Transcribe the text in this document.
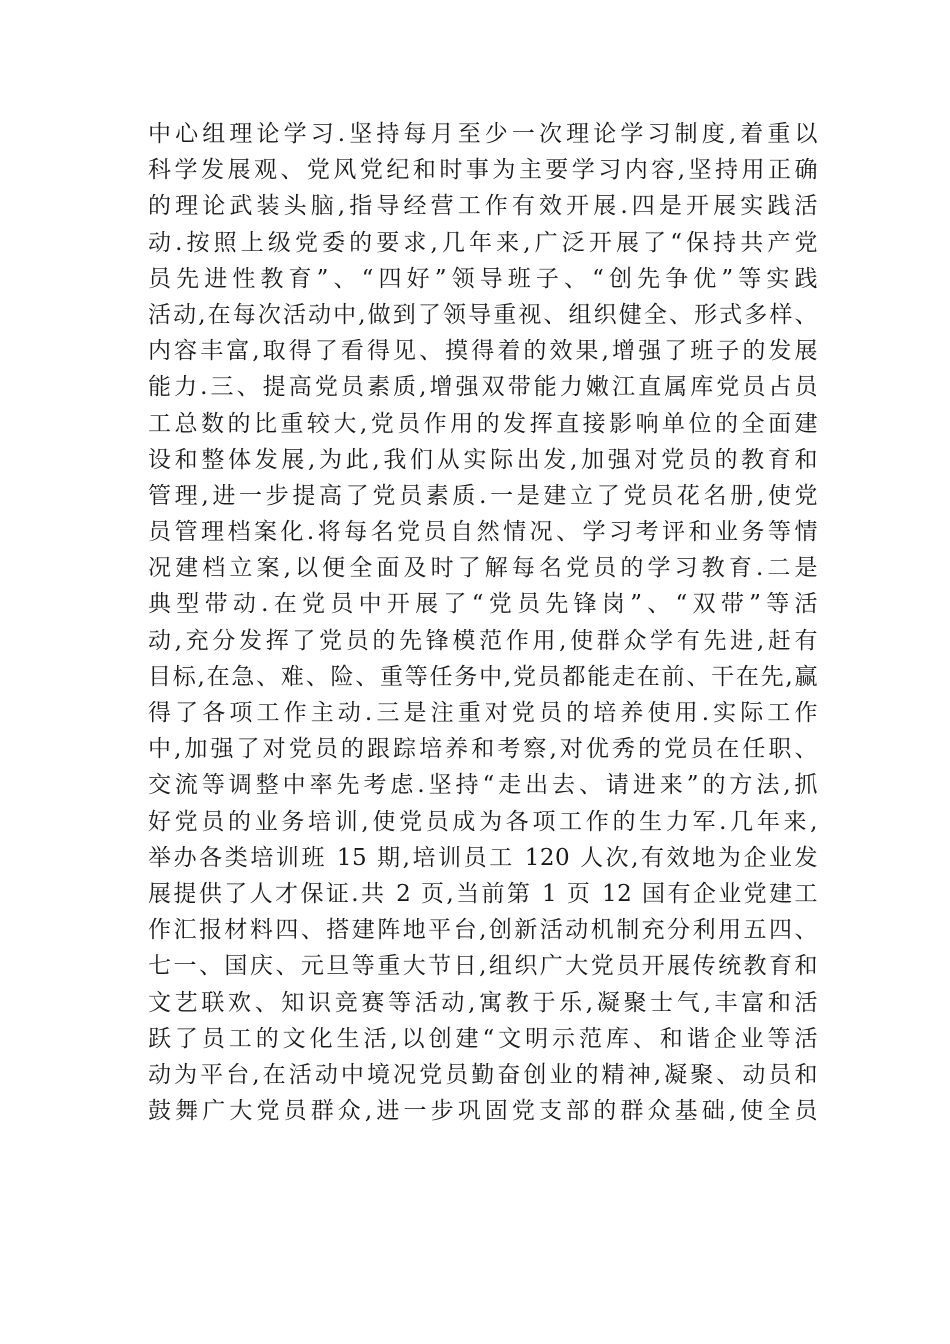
中心组理论学习.坚持每月至少一次理论学习制度,着重以
科学发展观、党风党纪和时事为主要学习内容,坚持用正确
的理论武装头脑,指导经营工作有效开展.四是开展实践活
动.按照上级党委的要求,几年来,广泛开展了“保持共产党
员先进性教育”、“四好”领导班子、“创先争优”等实践
活动,在每次活动中,做到了领导重视、组织健全、形式多样、
内容丰富,取得了看得见、摸得着的效果,增强了班子的发展
能力.三、提高党员素质,增强双带能力嫩江直属库党员占员
工总数的比重较大,党员作用的发挥直接影响单位的全面建
设和整体发展,为此,我们从实际出发,加强对党员的教育和
管理,进一步提高了党员素质.一是建立了党员花名册,使党
员管理档案化.将每名党员自然情况、学习考评和业务等情
况建档立案,以便全面及时了解每名党员的学习教育.二是
典型带动.在党员中开展了“党员先锋岗”、“双带”等活
动,充分发挥了党员的先锋模范作用,使群众学有先进,赶有
目标,在急、难、险、重等任务中,党员都能走在前、干在先,赢
得了各项工作主动.三是注重对党员的培养使用.实际工作
中,加强了对党员的跟踪培养和考察,对优秀的党员在任职、
交流等调整中率先考虑.坚持“走出去、请进来”的方法,抓
好党员的业务培训,使党员成为各项工作的生力军.几年来,
举办各类培训班 15 期,培训员工 120 人次,有效地为企业发
展提供了人才保证.共 2 页,当前第 1 页 12 国有企业党建工
作汇报材料四、搭建阵地平台,创新活动机制充分利用五四、
七一、国庆、元旦等重大节日,组织广大党员开展传统教育和
文艺联欢、知识竞赛等活动,寓教于乐,凝聚士气,丰富和活
跃了员工的文化生活,以创建“文明示范库、和谐企业等活
动为平台,在活动中境况党员勤奋创业的精神,凝聚、动员和
鼓舞广大党员群众,进一步巩固党支部的群众基础,使全员
